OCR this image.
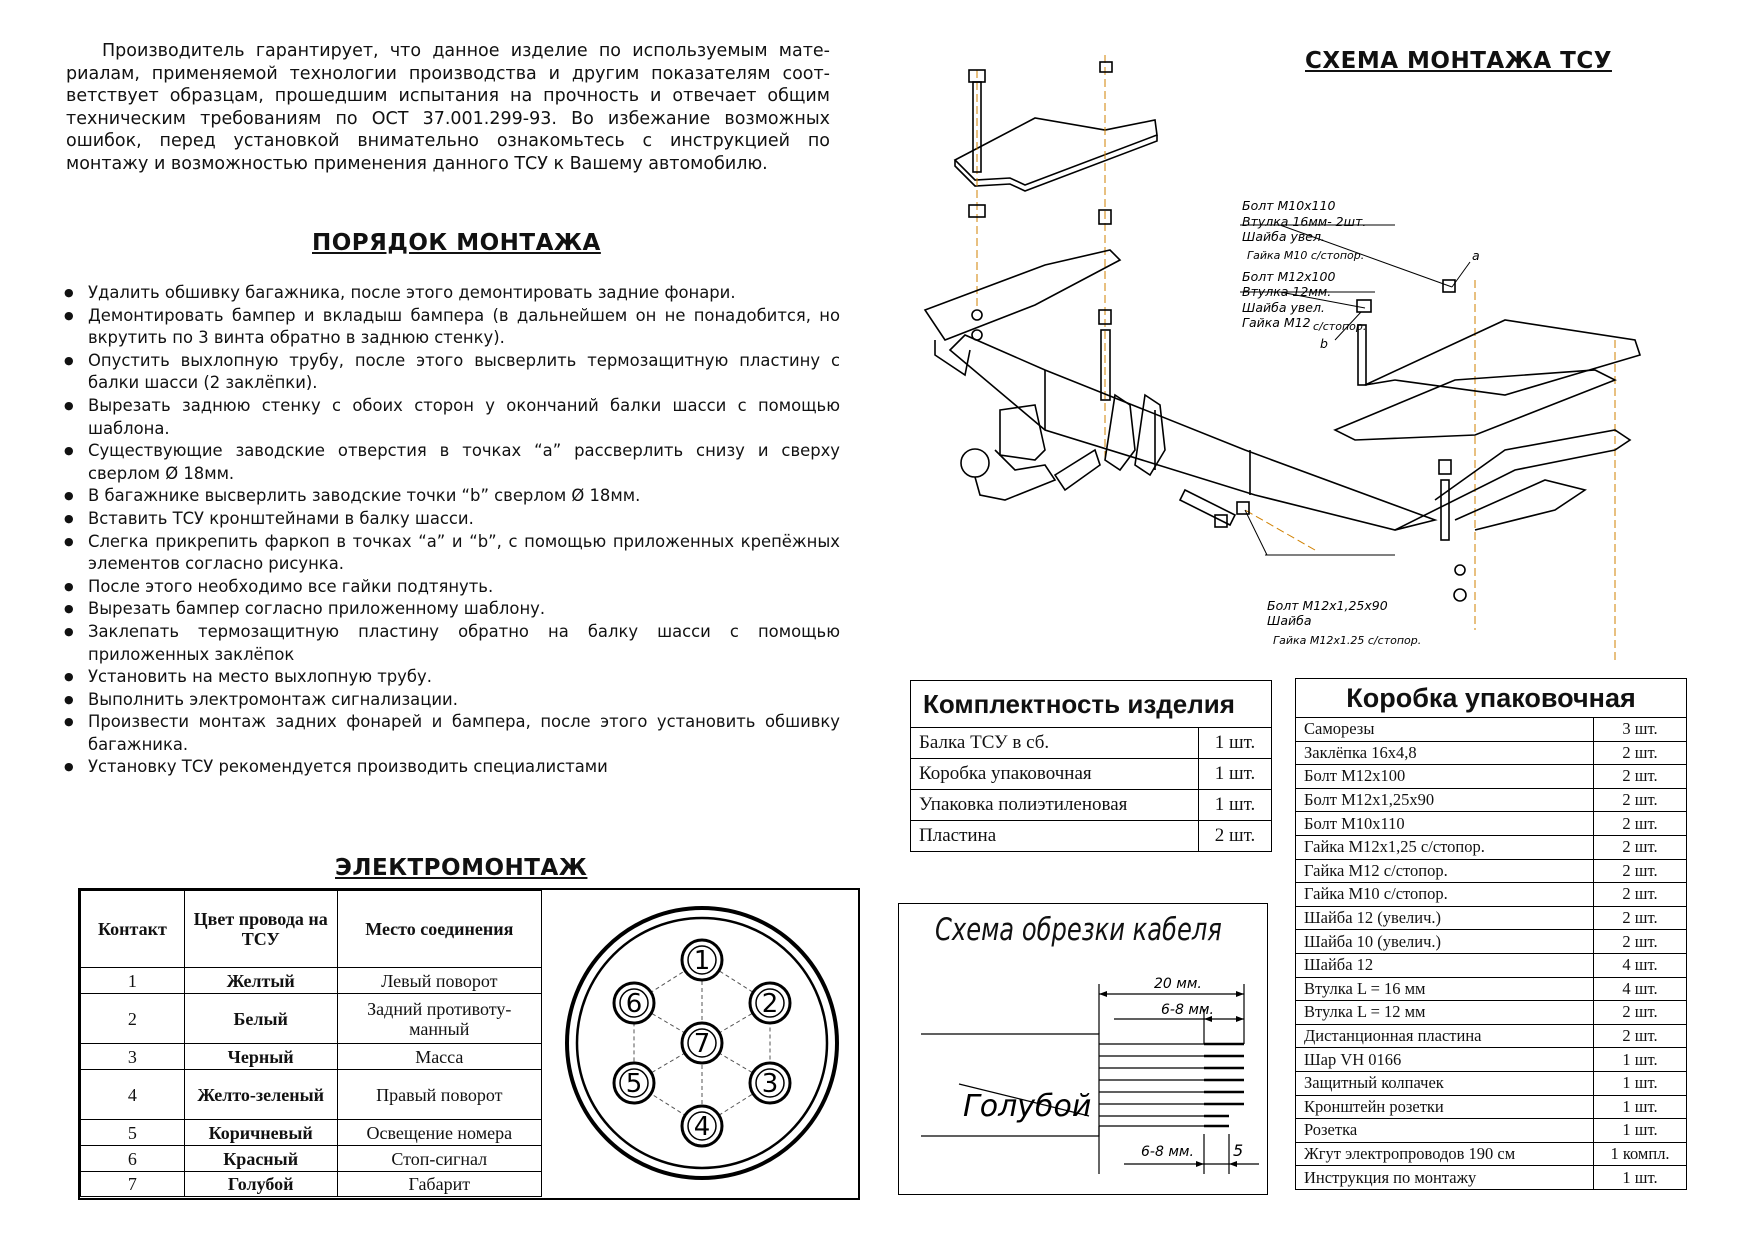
Производитель гарантирует, что данное изделие по используемым мате-
риалам, применяемой технологии производства и другим показателям соот-
ветствует образцам, прошедшим испытания на прочность и отвечает общим
техническим требованиям по ОСТ 37.001.299-93. Во избежание возможных
ошибок, перед установкой внимательно ознакомьтесь с инструкцией по
монтажу и возможностью применения данного ТСУ к Вашему автомобилю.
ПОРЯДОК МОНТАЖА
● Удалить обшивку багажника, после этого демонтировать задние фонари.
● Демонтировать бампер и вкладыш бампера (в дальнейшем он не понадобится, но вкрутить по 3 винта обратно в заднюю стенку).
● Опустить выхлопную трубу, после этого высверлить термозащитную пластину с балки шасси (2 заклёпки).
● Вырезать заднюю стенку с обоих сторон у окончаний балки шасси с помощью шаблона.
● Существующие заводские отверстия в точках “a” рассверлить снизу и сверху сверлом Ø 18мм.
● В багажнике высверлить заводские точки “b” сверлом Ø 18мм.
● Вставить ТСУ кронштейнами в балку шасси.
● Слегка прикрепить фаркоп в точках “a” и “b”, с помощью приложенных крепёжных элементов согласно рисунка.
● После этого необходимо все гайки подтянуть.
● Вырезать бампер согласно приложенному шаблону.
● Заклепать термозащитную пластину обратно на балку шасси с помощью приложенных заклёпок
● Установить на место выхлопную трубу.
● Выполнить электромонтаж сигнализации.
● Произвести монтаж задних фонарей и бампера, после этого установить обшивку багажника.
● Установку ТСУ рекомендуется производить специалистами
ЭЛЕКТРОМОНТАЖ
Контакт	Цвет провода на ТСУ	Место соединения
1	Желтый	Левый поворот
2	Белый	Задний противоту-манный
3	Черный	Масса
4	Желто-зеленый	Правый поворот
5	Коричневый	Освещение номера
6	Красный	Стоп-сигнал
7	Голубой	Габарит
1
2
3
4
5
6
7
СХЕМА МОНТАЖА ТСУ
a
b
Болт М10х110
Втулка 16мм- 2шт.
Шайба увел.
Гайка М10 с/стопор.
Болт М12х100
Втулка 12мм.
Шайба увел.
Гайка М12 с/стопор.
Болт М12х1,25х90
Шайба
Гайка М12х1.25 с/стопор.
Комплектность изделия	
Балка ТСУ в сб.	1 шт.
Коробка упаковочная	1 шт.
Упаковка полиэтиленовая	1 шт.
Пластина	2 шт.
Коробка упаковочная	
Саморезы	3 шт.
Заклёпка 16х4,8	2 шт.
Болт М12х100	2 шт.
Болт М12х1,25х90	2 шт.
Болт М10х110	2 шт.
Гайка М12х1,25 с/стопор.	2 шт.
Гайка М12 с/стопор.	2 шт.
Гайка М10 с/стопор.	2 шт.
Шайба 12 (увелич.)	2 шт.
Шайба 10 (увелич.)	2 шт.
Шайба 12	4 шт.
Втулка L = 16 мм	4 шт.
Втулка L = 12 мм	2 шт.
Дистанционная пластина	2 шт.
Шар VH 0166	1 шт.
Защитный колпачек	1 шт.
Кронштейн розетки	1 шт.
Розетка	1 шт.
Жгут электропроводов 190 см	1 компл.
Инструкция по монтажу	1 шт.
Схема обрезки кабеля
20 мм.
6-8 мм.
6-8 мм. 5
Голубой
